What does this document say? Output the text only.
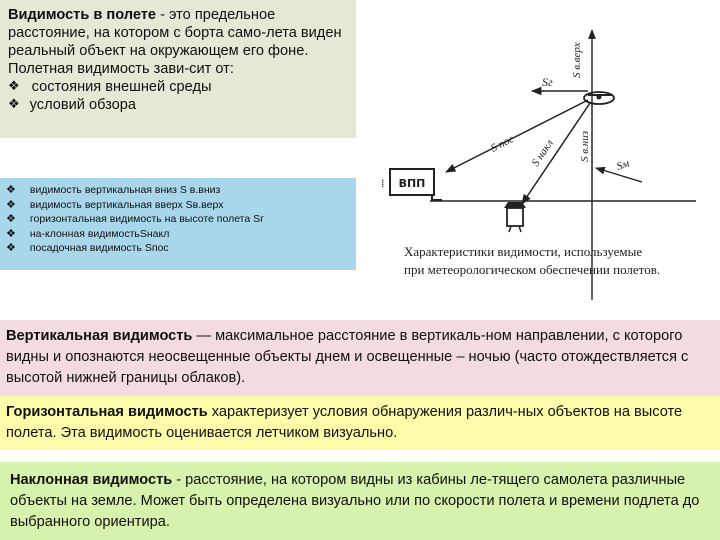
Видимость в полете - это предельное расстояние, на котором с борта само-лета виден реальный объект на окружающем его фоне. Полетная видимость зави-сит от:
❖ состояния внешней среды
❖ условий обзора
❖ видимость вертикальная вниз S в.вниз
❖ видимость вертикальная вверх Sв.верх
❖ горизонтальная видимость на высоте полета Sг
❖ на-клонная видимостьSнакл
❖ посадочная видимость Sпос
ВПП
⁞
Sг
S в.верх
S в.низ
S пос S накл	Sм
Характеристики видимости, используемые
при метеорологическом обеспечении полетов.
Вертикальная видимость — максимальное расстояние в вертикаль-ном направлении, с которого видны и опознаются неосвещенные объекты днем и освещенные – ночью (часто отождествляется с высотой нижней границы облаков).
Горизонтальная видимость характеризует условия обнаружения различ-ных объектов на высоте полета. Эта видимость оценивается летчиком визуально.
Наклонная видимость - расстояние, на котором видны из кабины ле-тящего самолета различные объекты на земле. Может быть определена визуально или по скорости полета и времени подлета до выбранного ориентира.
